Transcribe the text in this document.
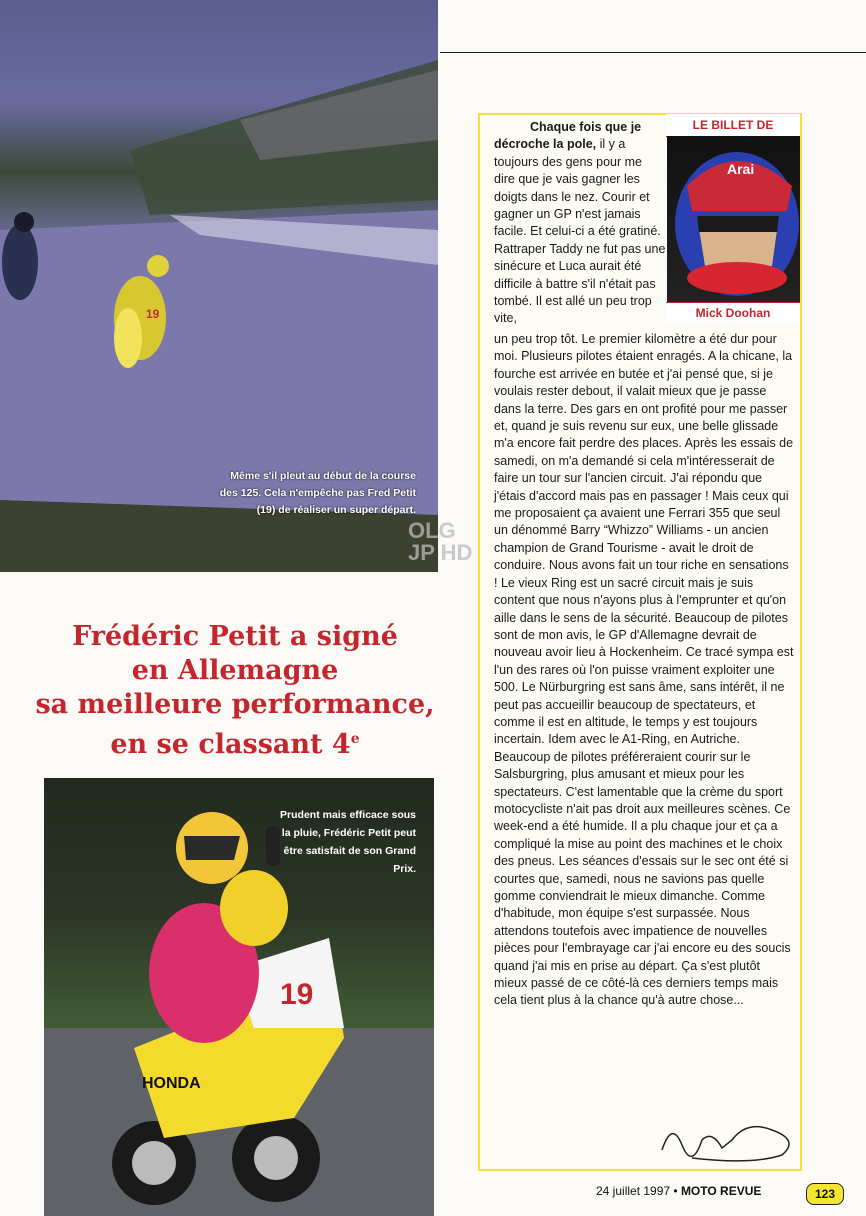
19
Même s'il pleut au début de la course des 125. Cela n'empêche pas Fred Petit (19) de réaliser un super départ.
OLG JP HD
Frédéric Petit a signé
en Allemagne
sa meilleure performance,
en se classant 4e
19
HONDA
Prudent mais efficace sous la pluie, Frédéric Petit peut être satisfait de son Grand Prix.
LE BILLET DE
Arai
Mick Doohan
Chaque fois que je décroche la pole, il y a toujours des gens pour me dire que je vais gagner les doigts dans le nez. Courir et gagner un GP n'est jamais facile. Et celui-ci a été gratiné. Rattraper Taddy ne fut pas une sinécure et Luca aurait été difficile à battre s'il n'était pas tombé. Il est allé un peu trop vite,
un peu trop tôt. Le premier kilomètre a été dur pour moi. Plusieurs pilotes étaient enragés. A la chicane, la fourche est arrivée en butée et j'ai pensé que, si je voulais rester debout, il valait mieux que je passe dans la terre. Des gars en ont profité pour me passer et, quand je suis revenu sur eux, une belle glissade m'a encore fait perdre des places. Après les essais de samedi, on m'a demandé si cela m'intéresserait de faire un tour sur l'ancien circuit. J'ai répondu que j'étais d'accord mais pas en passager ! Mais ceux qui me proposaient ça avaient une Ferrari 355 que seul un dénommé Barry “Whizzo” Williams - un ancien champion de Grand Tourisme - avait le droit de conduire. Nous avons fait un tour riche en sensations ! Le vieux Ring est un sacré circuit mais je suis content que nous n'ayons plus à l'emprunter et qu'on aille dans le sens de la sécurité. Beaucoup de pilotes sont de mon avis, le GP d'Allemagne devrait de nouveau avoir lieu à Hockenheim. Ce tracé sympa est l'un des rares où l'on puisse vraiment exploiter une 500. Le Nürburgring est sans âme, sans intérêt, il ne peut pas accueillir beaucoup de spectateurs, et comme il est en altitude, le temps y est toujours incertain. Idem avec le A1-Ring, en Autriche. Beaucoup de pilotes préféreraient courir sur le Salsburgring, plus amusant et mieux pour les spectateurs. C'est lamentable que la crème du sport motocycliste n'ait pas droit aux meilleures scènes. Ce week-end a été humide. Il a plu chaque jour et ça a compliqué la mise au point des machines et le choix des pneus. Les séances d'essais sur le sec ont été si courtes que, samedi, nous ne savions pas quelle gomme conviendrait le mieux dimanche. Comme d'habitude, mon équipe s'est surpassée. Nous attendons toutefois avec impatience de nouvelles pièces pour l'embrayage car j'ai encore eu des soucis quand j'ai mis en prise au départ. Ça s'est plutôt mieux passé de ce côté-là ces derniers temps mais cela tient plus à la chance qu'à autre chose...
24 juillet 1997 • MOTO REVUE	123
